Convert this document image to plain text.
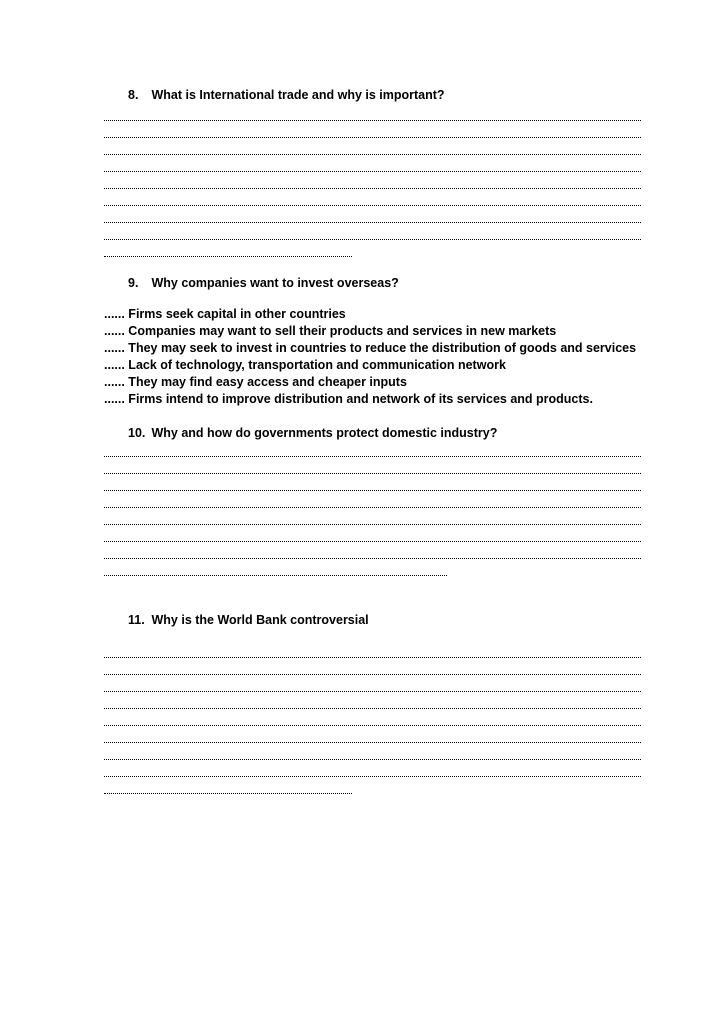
8. What is International trade and why is important?
9. Why companies want to invest overseas?
...... Firms seek capital in other countries
...... Companies may want to sell their products and services in new markets
...... They may seek to invest in countries to reduce the distribution of goods and services
...... Lack of technology, transportation and communication network
...... They may find easy access and cheaper inputs
...... Firms intend to improve distribution and network of its services and products.
10. Why and how do governments protect domestic industry?
11. Why is the World Bank controversial
